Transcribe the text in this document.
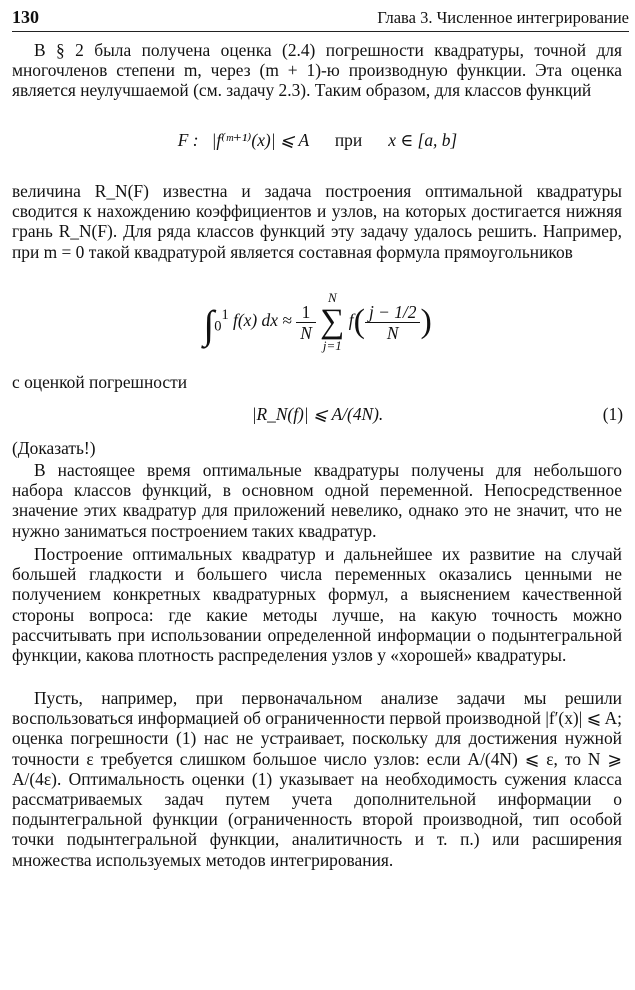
130	Глава 3. Численное интегрирование

В § 2 была получена оценка (2.4) погрешности квадратуры, точной для многочленов степени m, через (m + 1)-ю производную функции. Эта оценка является неулучшаемой (см. задачу 2.3). Таким образом, для классов функций

F : |f⁽ᵐ⁺¹⁾(x)| ⩽ A при x ∈ [a, b]

величина R_N(F) известна и задача построения оптимальной квадратуры сводится к нахождению коэффициентов и узлов, на которых достигается нижняя грань R_N(F). Для ряда классов функций эту задачу удалось решить. Например, при m = 0 такой квадратурой является составная формула прямоугольников

$\int_0^1$ f(x) dx ≈ $\frac{1}{N}$

N
∑
j=1
$f( \frac{j - 1/2}{N}$ )

с оценкой погрешности

|R_N(f)| ⩽ A/(4N).	(1)

(Доказать!)

В настоящее время оптимальные квадратуры получены для небольшого набора классов функций, в основном одной переменной. Непосредственное значение этих квадратур для приложений невелико, однако это не значит, что не нужно заниматься построением таких квадратур.

Построение оптимальных квадратур и дальнейшее их развитие на случай большей гладкости и большего числа переменных оказались ценными не получением конкретных квадратурных формул, а выяснением качественной стороны вопроса: где какие методы лучше, на какую точность можно рассчитывать при использовании определенной информации о подынтегральной функции, какова плотность распределения узлов у «хорошей» квадратуры.

Пусть, например, при первоначальном анализе задачи мы решили воспользоваться информацией об ограниченности первой производной |f′(x)| ⩽ A; оценка погрешности (1) нас не устраивает, поскольку для достижения нужной точности ε требуется слишком большое число узлов: если A/(4N) ⩽ ε, то N ⩾ A/(4ε). Оптимальность оценки (1) указывает на необходимость сужения класса рассматриваемых задач путем учета дополнительной информации о подынтегральной функции (ограниченность второй производной, тип особой точки подынтегральной функции, аналитичность и т. п.) или расширения множества используемых методов интегрирования.
